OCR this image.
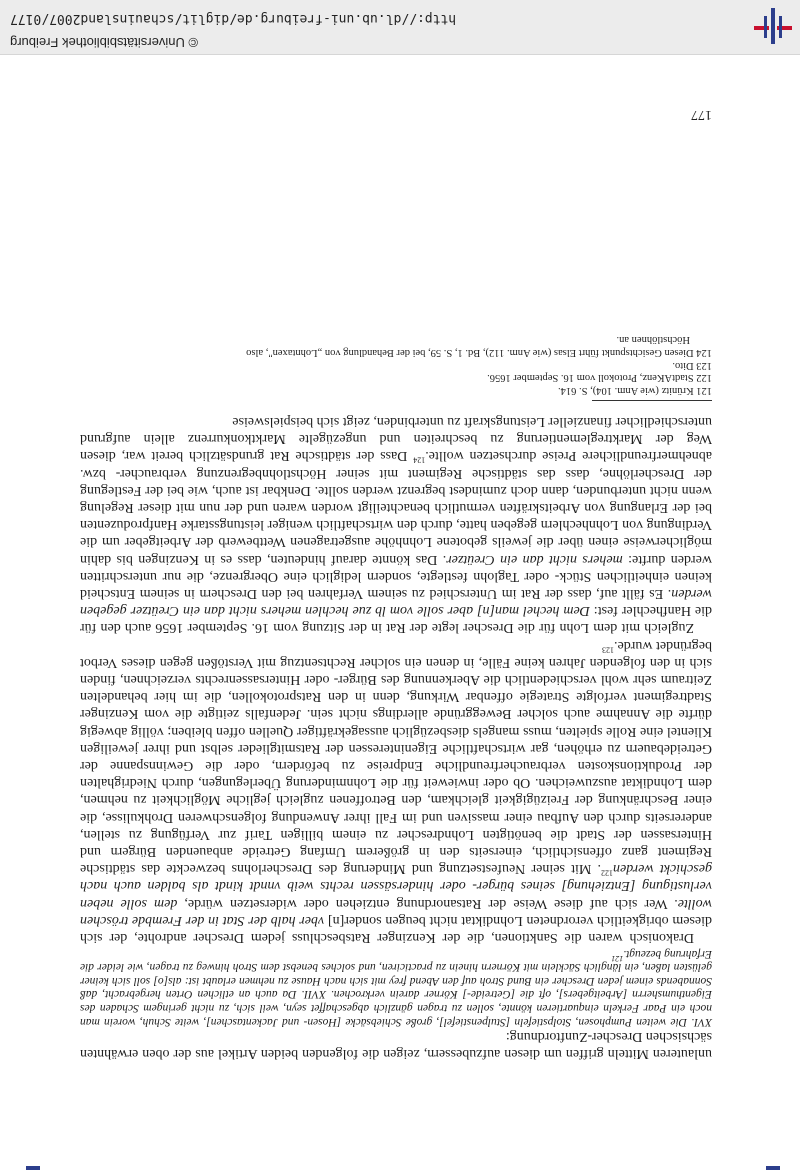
© Universitätsbibliothek Freiburg
http://dl.ub.uni-freiburg.de/diglit/schauinsland2007/0177

unlauteren Mitteln griffen um diesen aufzubessern, zeigen die folgenden beiden Artikel aus der oben erwähnten sächsischen Drescher-Zunftordnung:

XVI. Die weiten Pumphosen, Stolpstiefeln [Stulpenstiefel], große Schiebsäcke [Hosen- und Jackentaschen], weite Schuh, worein man noch ein Paar Ferkeln einquartieren könnte, sollen zu tragen gänzlich abgeschaffet seyn, weil sich, zu nicht geringem Schaden des Eigenthumsherrn [Arbeitgebers], oft die [Getreide-] Körner darein verkrochen. XVII. Da auch an etlichen Orten hergebracht, daß Sonnabends einem jeden Drescher ein Bund Stroh auf den Abend frey mit sich nach Hause zu nehmen erlaubt ist: als[o] soll sich keiner gelüsten laßen, ein länglich Säcklein mit Körnern hinein zu practiciren, und solches benebst dem Stroh hinweg zu tragen, wie leider die Erfahrung bezeugt.$^{121}$

Drakonisch waren die Sanktionen, die der Kenzinger Ratsbeschluss jedem Drescher androhte, der sich diesem obrigkeitlich verordneten Lohndiktat nicht beugen sonder[n] vber halb der Stat in der Frembde tröschen wollte. Wer sich auf diese Weise der Ratsanordnung entziehen oder widersetzen würde, dem solle neben verlustigung [Entziehung] seines bürger- oder hindersässen rechts weib vnndt kindt als balden auch nach geschickt werden$^{122}$. Mit seiner Neufestsetzung und Minderung des Drescherlohns bezweckte das städtische Regiment ganz offensichtlich, einerseits den in größerem Umfang Getreide anbauenden Bürgern und Hintersassen der Stadt die benötigten Lohndrescher zu einem billigen Tarif zur Verfügung zu stellen, andererseits durch den Aufbau einer massiven und im Fall ihrer Anwendung folgenschweren Drohkulisse, die einer Beschränkung der Freizügigkeit gleichkam, den Betroffenen zugleich jegliche Möglichkeit zu nehmen, dem Lohndiktat auszuweichen. Ob oder inwieweit für die Lohnminderung Überlegungen, durch Niedrighalten der Produktionskosten verbraucherfreundliche Endpreise zu befördern, oder die Gewinnspanne der Getreidebauern zu erhöhen, gar wirtschaftliche Eigeninteressen der Ratsmitglieder selbst und ihrer jeweiligen Klientel eine Rolle spielten, muss mangels diesbezüglich aussagekräftiger Quellen offen bleiben; völlig abwegig dürfte die Annahme auch solcher Beweggründe allerdings nicht sein. Jedenfalls zeitigte die vom Kenzinger Stadtregiment verfolgte Strategie offenbar Wirkung, denn in den Ratsprotokollen, die im hier behandelten Zeitraum sehr wohl verschiedentlich die Aberkennung des Bürger- oder Hintersassenrechts verzeichnen, finden sich in den folgenden Jahren keine Fälle, in denen ein solcher Rechtsentzug mit Verstößen gegen dieses Verbot begründet wurde.$^{123}$

Zugleich mit dem Lohn für die Drescher legte der Rat in der Sitzung vom 16. September 1656 auch den für die Hanfhechler fest: Dem hechel man[n] aber solle vom lb zue hechlen mehers nicht dan ein Creützer gegeben werden. Es fällt auf, dass der Rat im Unterschied zu seinem Verfahren bei den Dreschern in seinem Entscheid keinen einheitlichen Stück- oder Taglohn festlegte, sondern lediglich eine Obergrenze, die nur unterschritten werden durfte: mehers nicht dan ein Creützer. Das könnte darauf hindeuten, dass es in Kenzingen bis dahin möglicherweise einen über die jeweils gebotene Lohnhöhe ausgetragenen Wettbewerb der Arbeitgeber um die Verdingung von Lohnhechlern gegeben hatte, durch den wirtschaftlich weniger leistungsstarke Hanfproduzenten bei der Erlangung von Arbeitskräften vermutlich benachteiligt worden waren und der nun mit dieser Regelung wenn nicht unterbunden, dann doch zumindest begrenzt werden sollte. Denkbar ist auch, wie bei der Festlegung der Drescherlöhne, dass das städtische Regiment mit seiner Höchstlohnbegrenzung verbraucher- bzw. abnehmerfreundlichere Preise durchsetzen wollte.$^{124}$ Dass der städtische Rat grundsätzlich bereit war, diesen Weg der Marktreglementierung zu beschreiten und ungezügelte Marktkonkurrenz allein aufgrund unterschiedlicher finanzieller Leistungskraft zu unterbinden, zeigt sich beispielsweise

121 Krünitz (wie Anm. 104), S. 614.

122 StadtAKenz, Protokoll vom 16. September 1656.

123 Dito.

124 Diesen Gesichtspunkt führt Elsas (wie Anm. 112), Bd. 1, S. 59, bei der Behandlung von „Lohntaxen", also

Höchstlöhnen an.

177
